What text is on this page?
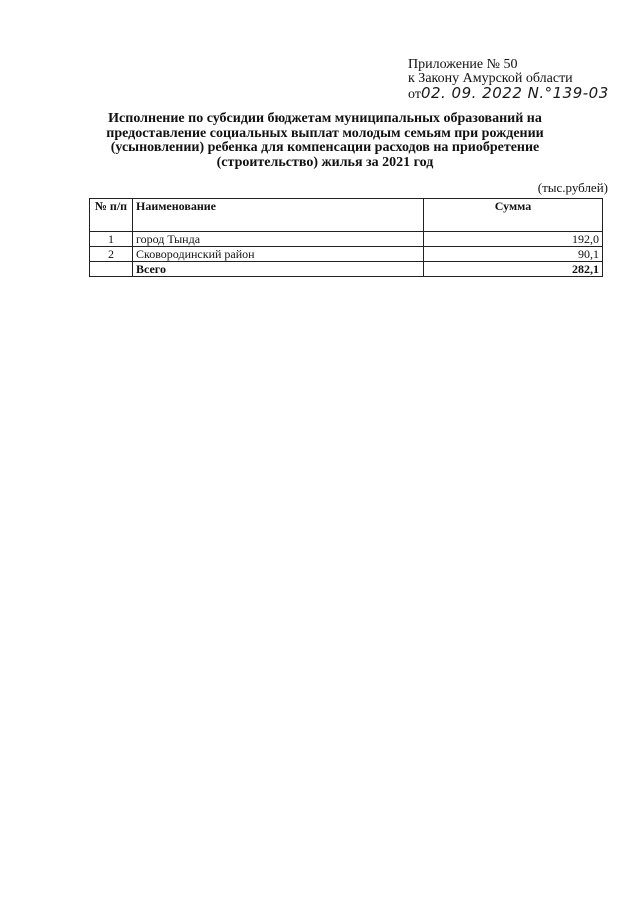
Приложение № 50
к Закону Амурской области
от02. 09. 2022 N.°139-03
Исполнение по субсидии бюджетам муниципальных образований на предоставление социальных выплат молодым семьям при рождении (усыновлении) ребенка для компенсации расходов на приобретение (строительство) жилья за 2021 год
(тыс.рублей)
№ п/п	Наименование	Сумма
1	город Тында	192,0
2	Сковородинский район	90,1
	Всего	282,1
